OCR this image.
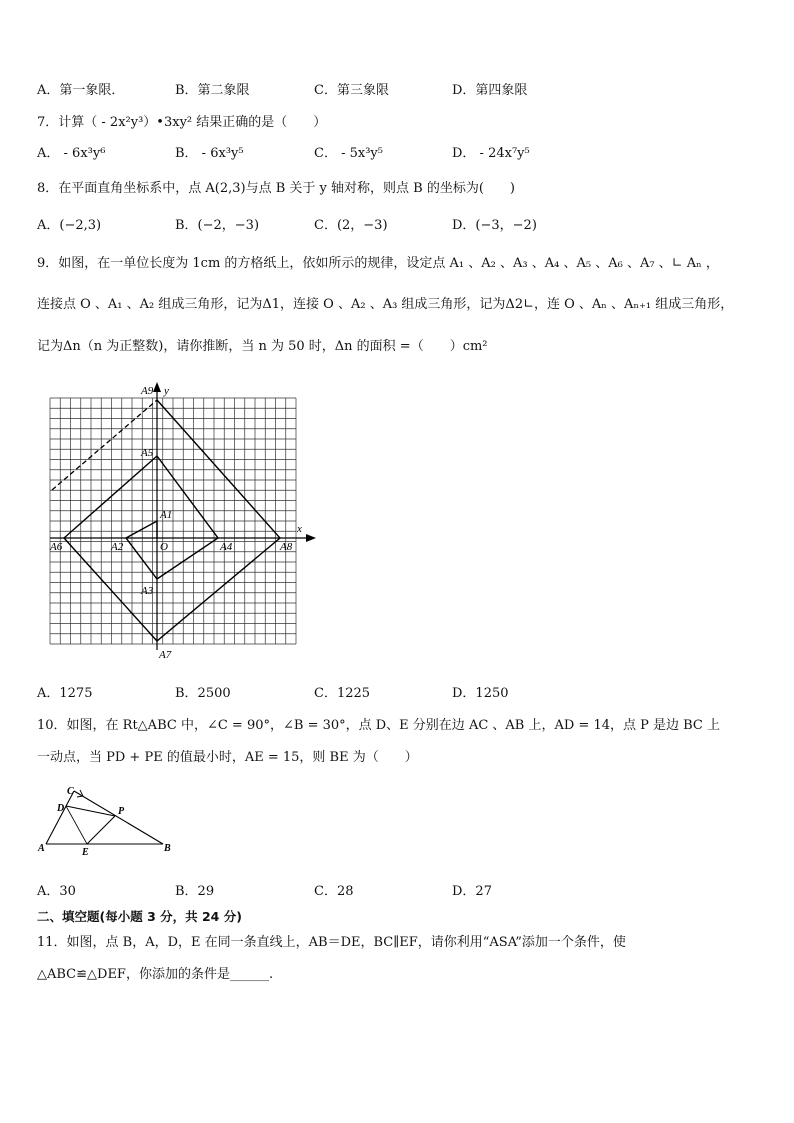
A．第一象限．	B．第二象限	C．第三象限	D．第四象限
7．计算（ - 2x²y³）•3xy² 结果正确的是（　　）
A． - 6x³y⁶	B． - 6x³y⁵	C． - 5x³y⁵	D． - 24x⁷y⁵
8．在平面直角坐标系中，点 A(2,3)与点 B 关于 y 轴对称，则点 B 的坐标为(　　)
A．(−2,3)	B．(−2，−3)	C．(2，−3)	D．(−3，−2)
9．如图，在一单位长度为 1cm 的方格纸上，依如所示的规律，设定点 A₁ 、A₂ 、A₃ 、A₄ 、A₅ 、A₆ 、A₇ 、∟ Aₙ ，
连接点 O 、A₁ 、A₂ 组成三角形，记为Δ1，连接 O 、A₂ 、A₃ 组成三角形，记为Δ2∟，连 O 、Aₙ 、Aₙ₊₁ 组成三角形，
记为Δn（n 为正整数)，请你推断，当 n 为 50 时，Δn 的面积 =（　　）cm²
A9 y
A5
A1
x
A6	A2	O	A4	A8
A3
A7
A．1275	B．2500	C．1225	D．1250
10．如图，在 Rt△ABC 中，∠C = 90°，∠B = 30°，点 D、E 分别在边 AC 、AB 上，AD = 14，点 P 是边 BC 上
一动点，当 PD + PE 的值最小时，AE = 15，则 BE 为（　　）
C
D	P
A	E	B
A．30	B．29	C．28	D．27
二、填空题(每小题 3 分，共 24 分)
11．如图，点 B，A，D，E 在同一条直线上，AB＝DE，BC∥EF，请你利用“ASA”添加一个条件，使
△ABC≌△DEF，你添加的条件是______.
